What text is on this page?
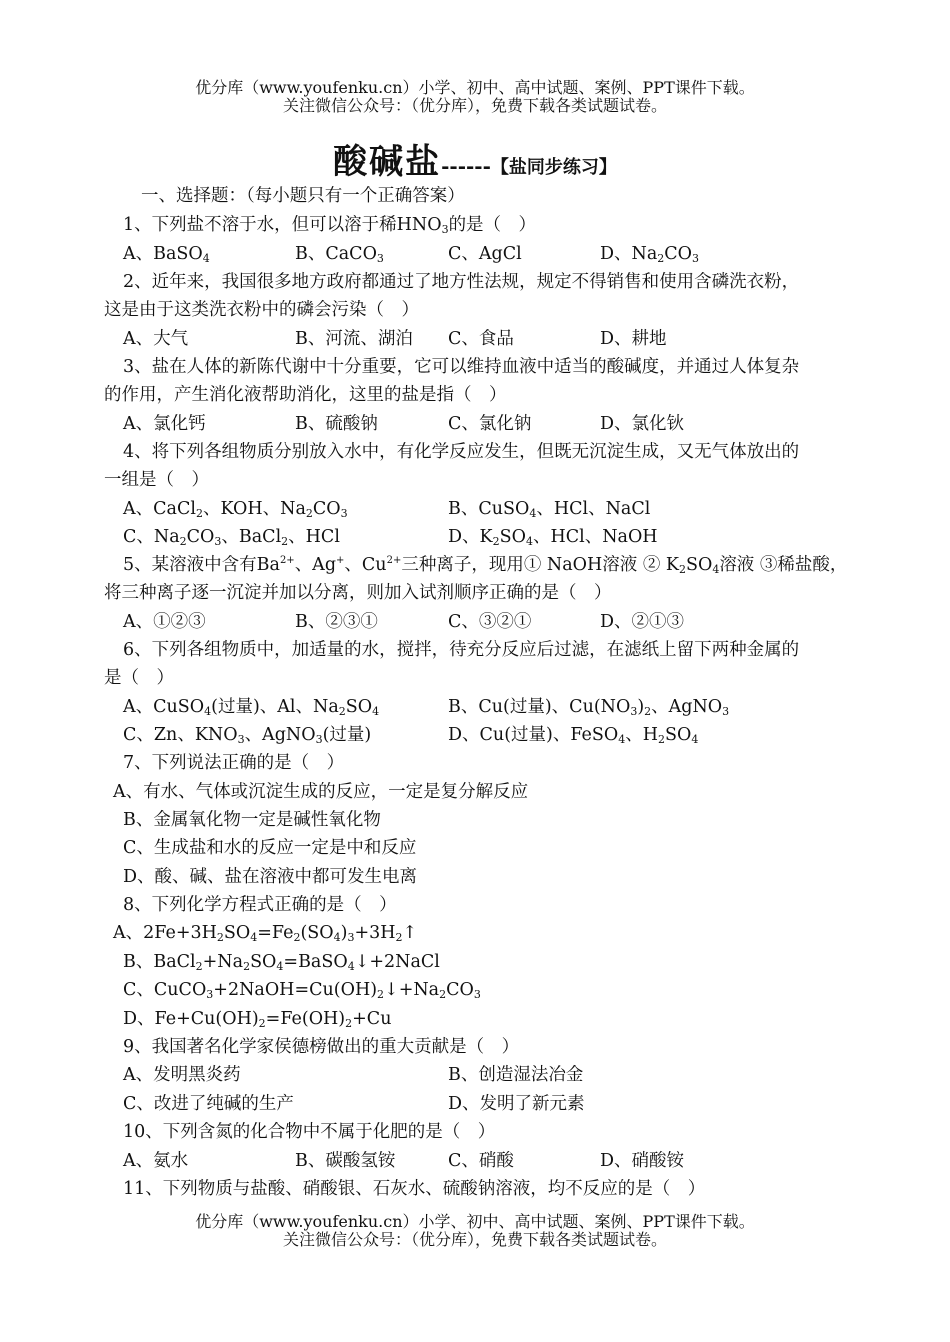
优分库（www.youfenku.cn）小学、初中、高中试题、案例、PPT课件下载。
关注微信公众号：（优分库），免费下载各类试题试卷。
酸碱盐------【盐同步练习】
一、选择题：（每小题只有一个正确答案）
1、下列盐不溶于水，但可以溶于稀$HNO_3$的是（　）
A、BaSO$_4$	B、CaCO$_3$	C、AgCl	D、$Na_2CO_3$
2、近年来，我国很多地方政府都通过了地方性法规，规定不得销售和使用含磷洗衣粉，
这是由于这类洗衣粉中的磷会污染（　）
A、大气	B、河流、湖泊 C、食品	D、耕地
3、盐在人体的新陈代谢中十分重要，它可以维持血液中适当的酸碱度，并通过人体复杂
的作用，产生消化液帮助消化，这里的盐是指（　）
A、氯化钙	B、硫酸钠	C、氯化钠	D、氯化钬
4、将下列各组物质分别放入水中，有化学反应发生，但既无沉淀生成，又无气体放出的
一组是（　）
A、CaCl$_2$、KOH、$Na_2CO_3$	B、CuSO$_4$、HCl、NaCl
C、$Na_2CO_3$、BaCl$_2$、HCl	D、$K_2SO_4$、HCl、NaOH
5、某溶液中含有$Ba^{2+}$、Ag+、$Cu^{2+}$三种离子，现用① NaOH溶液 ② $K_2SO_4$溶液 ③稀盐酸，
将三种离子逐一沉淀并加以分离，则加入试剂顺序正确的是（　）
A、①②③	B、②③①	C、③②①	D、②①③
6、下列各组物质中，加适量的水，搅拌，待充分反应后过滤，在滤纸上留下两种金属的
是（　）
A、CuSO$_4$(过量)、Al、$Na_2SO_4$	B、Cu(过量)、$Cu(NO_3)_2$、AgNO$_3$
C、Zn、$KNO_3$、AgNO$_3$(过量)	D、Cu(过量)、FeSO$_4$、$H_2SO_4$
7、下列说法正确的是（　）
A、有水、气体或沉淀生成的反应，一定是复分解反应
B、金属氧化物一定是碱性氧化物
C、生成盐和水的反应一定是中和反应
D、酸、碱、盐在溶液中都可发生电离
8、下列化学方程式正确的是（　）
A、$2Fe+3H_2SO_4=Fe_2(SO_4)_3+3H_2↑$
B、$BaCl_2+Na_2SO_4=BaSO_4↓+2NaCl$
C、$CuCO_3+2NaOH=Cu(OH)_2↓+Na_2CO_3$
D、$Fe+Cu(OH)_2=Fe(OH)_2+Cu$
9、我国著名化学家侯德榜做出的重大贡献是（　）
A、发明黑炎药	B、创造湿法冶金
C、改进了纯碱的生产	D、发明了新元素
10、下列含氮的化合物中不属于化肥的是（　）
A、氨水	B、碳酸氢铵	C、硝酸	D、硝酸铵
11、下列物质与盐酸、硝酸银、石灰水、硫酸钠溶液，均不反应的是（　）
优分库（www.youfenku.cn）小学、初中、高中试题、案例、PPT课件下载。
关注微信公众号：（优分库），免费下载各类试题试卷。
